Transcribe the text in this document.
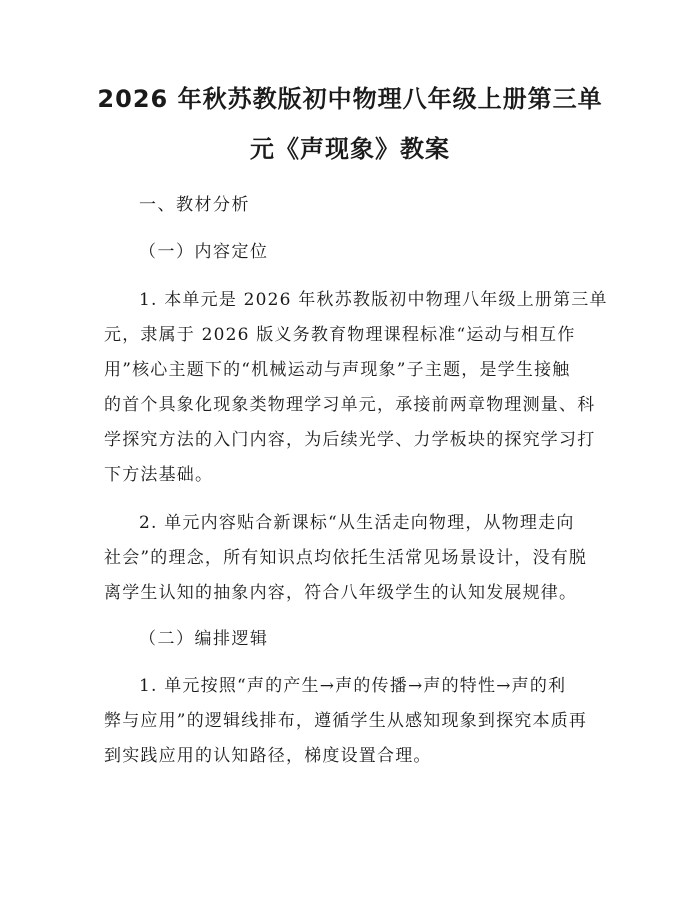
2026 年秋苏教版初中物理八年级上册第三单
元《声现象》教案
一、教材分析
（一）内容定位
1. 本单元是 2026 年秋苏教版初中物理八年级上册第三单
元，隶属于 2026 版义务教育物理课程标准“运动与相互作
用”核心主题下的“机械运动与声现象”子主题，是学生接触
的首个具象化现象类物理学习单元，承接前两章物理测量、科
学探究方法的入门内容，为后续光学、力学板块的探究学习打
下方法基础。
2. 单元内容贴合新课标“从生活走向物理，从物理走向
社会”的理念，所有知识点均依托生活常见场景设计，没有脱
离学生认知的抽象内容，符合八年级学生的认知发展规律。
（二）编排逻辑
1. 单元按照“声的产生→声的传播→声的特性→声的利
弊与应用”的逻辑线排布，遵循学生从感知现象到探究本质再
到实践应用的认知路径，梯度设置合理。
